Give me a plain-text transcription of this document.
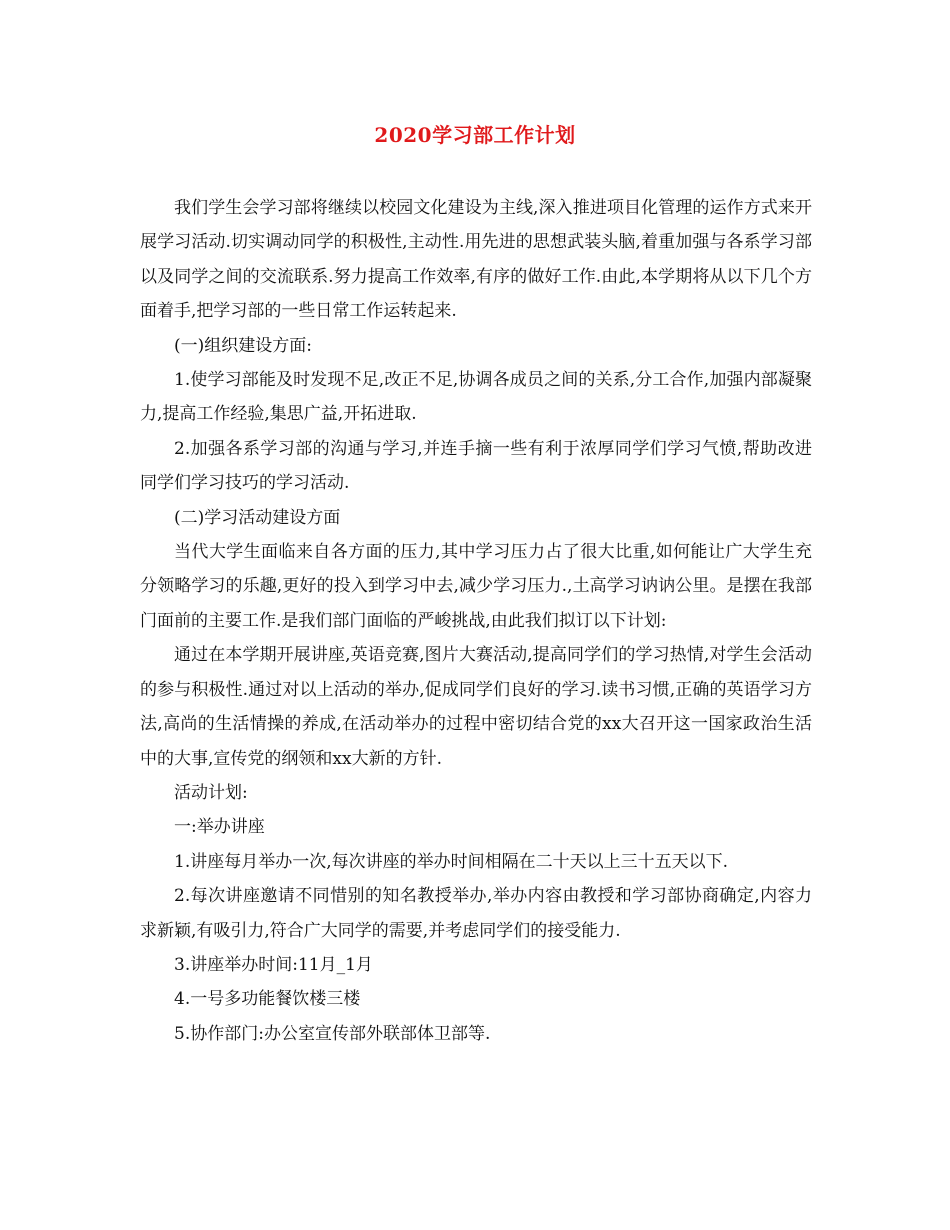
2020学习部工作计划

我们学生会学习部将继续以校园文化建设为主线,深入推进项目化管理的运作方式来开展学习活动.切实调动同学的积极性,主动性.用先进的思想武装头脑,着重加强与各系学习部以及同学之间的交流联系.努力提高工作效率,有序的做好工作.由此,本学期将从以下几个方面着手,把学习部的一些日常工作运转起来.

(一)组织建设方面:

1.使学习部能及时发现不足,改正不足,协调各成员之间的关系,分工合作,加强内部凝聚力,提高工作经验,集思广益,开拓进取.

2.加强各系学习部的沟通与学习,并连手摘一些有利于浓厚同学们学习气愤,帮助改进同学们学习技巧的学习活动.

(二)学习活动建设方面

当代大学生面临来自各方面的压力,其中学习压力占了很大比重,如何能让广大学生充分领略学习的乐趣,更好的投入到学习中去,减少学习压力.,土高学习讷讷公里。是摆在我部门面前的主要工作.是我们部门面临的严峻挑战,由此我们拟订以下计划:

通过在本学期开展讲座,英语竞赛,图片大赛活动,提高同学们的学习热情,对学生会活动的参与积极性.通过对以上活动的举办,促成同学们良好的学习.读书习惯,正确的英语学习方法,高尚的生活情操的养成,在活动举办的过程中密切结合党的xx大召开这一国家政治生活中的大事,宣传党的纲领和xx大新的方针.

活动计划:

一:举办讲座

1.讲座每月举办一次,每次讲座的举办时间相隔在二十天以上三十五天以下.

2.每次讲座邀请不同惜别的知名教授举办,举办内容由教授和学习部协商确定,内容力求新颖,有吸引力,符合广大同学的需要,并考虑同学们的接受能力.

3.讲座举办时间:11月_1月

4.一号多功能餐饮楼三楼

5.协作部门:办公室宣传部外联部体卫部等.
